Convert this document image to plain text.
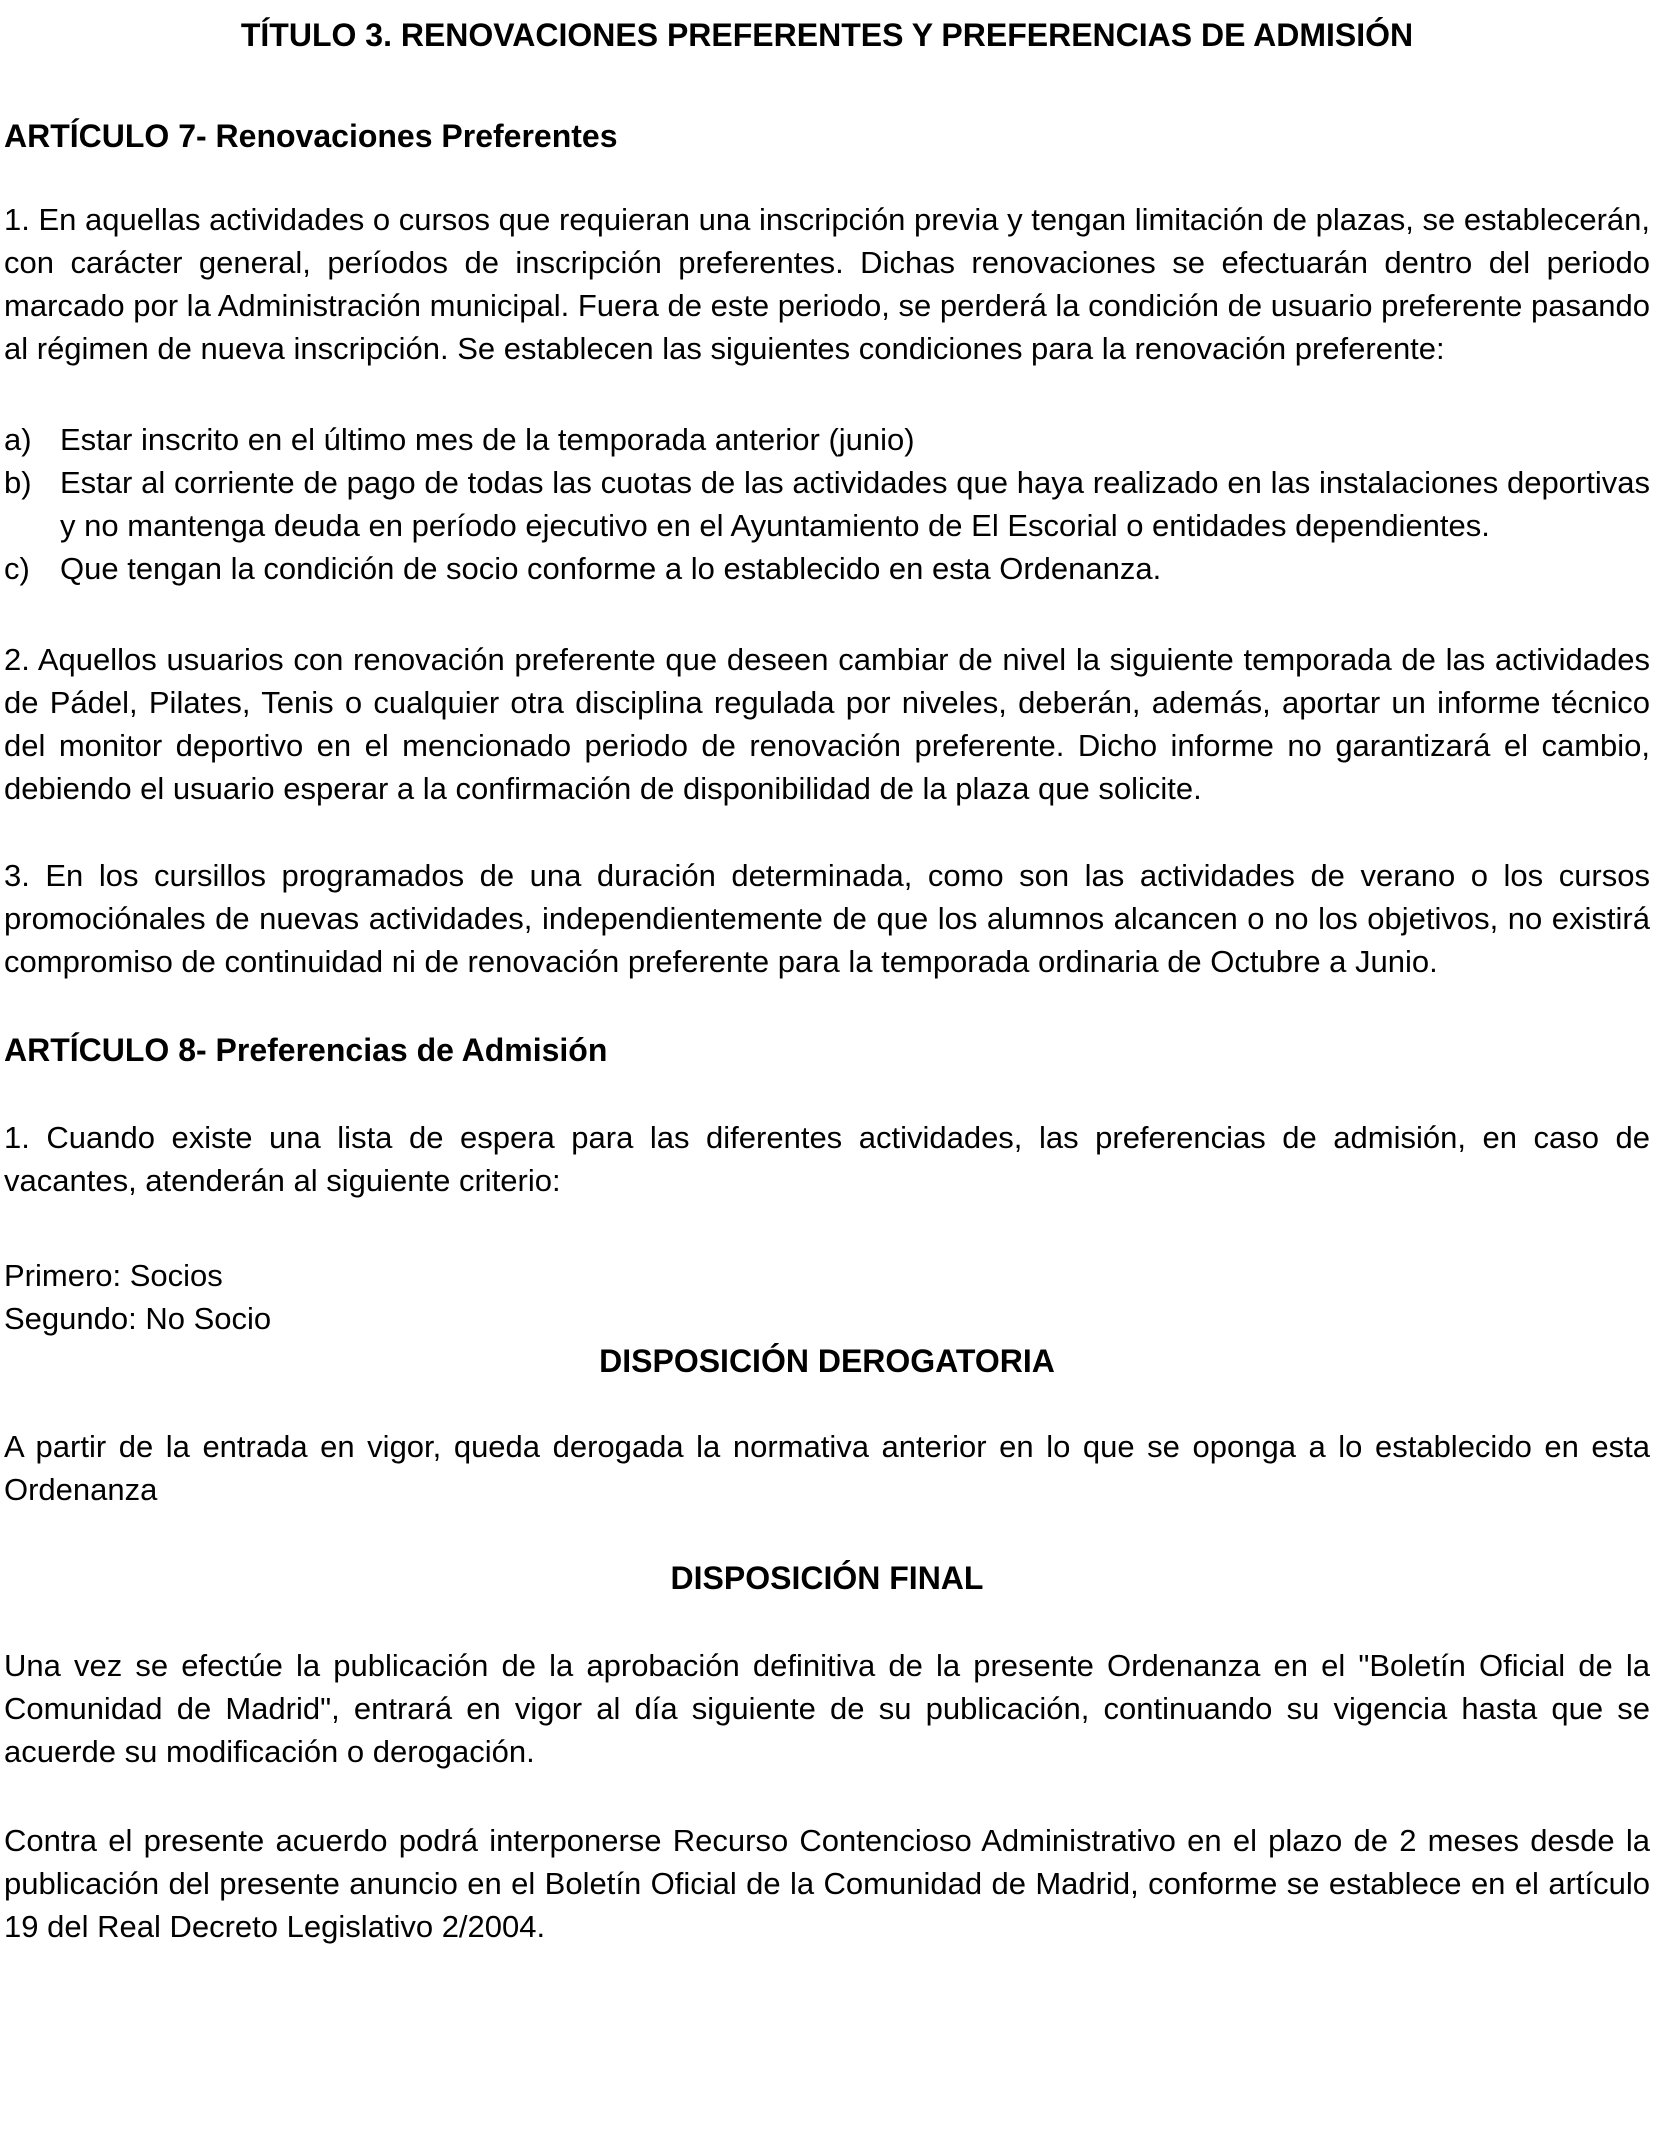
TÍTULO 3. RENOVACIONES PREFERENTES Y PREFERENCIAS DE ADMISIÓN
ARTÍCULO 7- Renovaciones Preferentes

1. En aquellas actividades o cursos que requieran una inscripción previa y tengan limitación de plazas, se establecerán, con carácter general, períodos de inscripción preferentes. Dichas renovaciones se efectuarán dentro del periodo marcado por la Administración municipal. Fuera de este periodo, se perderá la condición de usuario preferente pasando al régimen de nueva inscripción. Se establecen las siguientes condiciones para la renovación preferente:

a) Estar inscrito en el último mes de la temporada anterior (junio)
b) Estar al corriente de pago de todas las cuotas de las actividades que haya realizado en las instalaciones deportivas y no mantenga deuda en período ejecutivo en el Ayuntamiento de El Escorial o entidades dependientes.
c) Que tengan la condición de socio conforme a lo establecido en esta Ordenanza.

2. Aquellos usuarios con renovación preferente que deseen cambiar de nivel la siguiente temporada de las actividades de Pádel, Pilates, Tenis o cualquier otra disciplina regulada por niveles, deberán, además, aportar un informe técnico del monitor deportivo en el mencionado periodo de renovación preferente. Dicho informe no garantizará el cambio, debiendo el usuario esperar a la confirmación de disponibilidad de la plaza que solicite.

3. En los cursillos programados de una duración determinada, como son las actividades de verano o los cursos promociónales de nuevas actividades, independientemente de que los alumnos alcancen o no los objetivos, no existirá compromiso de continuidad ni de renovación preferente para la temporada ordinaria de Octubre a Junio.

ARTÍCULO 8- Preferencias de Admisión

1. Cuando existe una lista de espera para las diferentes actividades, las preferencias de admisión, en caso de vacantes, atenderán al siguiente criterio:

Primero: Socios

Segundo: No Socio

DISPOSICIÓN DEROGATORIA

A partir de la entrada en vigor, queda derogada la normativa anterior en lo que se oponga a lo establecido en esta Ordenanza

DISPOSICIÓN FINAL

Una vez se efectúe la publicación de la aprobación definitiva de la presente Ordenanza en el "Boletín Oficial de la Comunidad de Madrid", entrará en vigor al día siguiente de su publicación, continuando su vigencia hasta que se acuerde su modificación o derogación.

Contra el presente acuerdo podrá interponerse Recurso Contencioso Administrativo en el plazo de 2 meses desde la publicación del presente anuncio en el Boletín Oficial de la Comunidad de Madrid, conforme se establece en el artículo 19 del Real Decreto Legislativo 2/2004.
